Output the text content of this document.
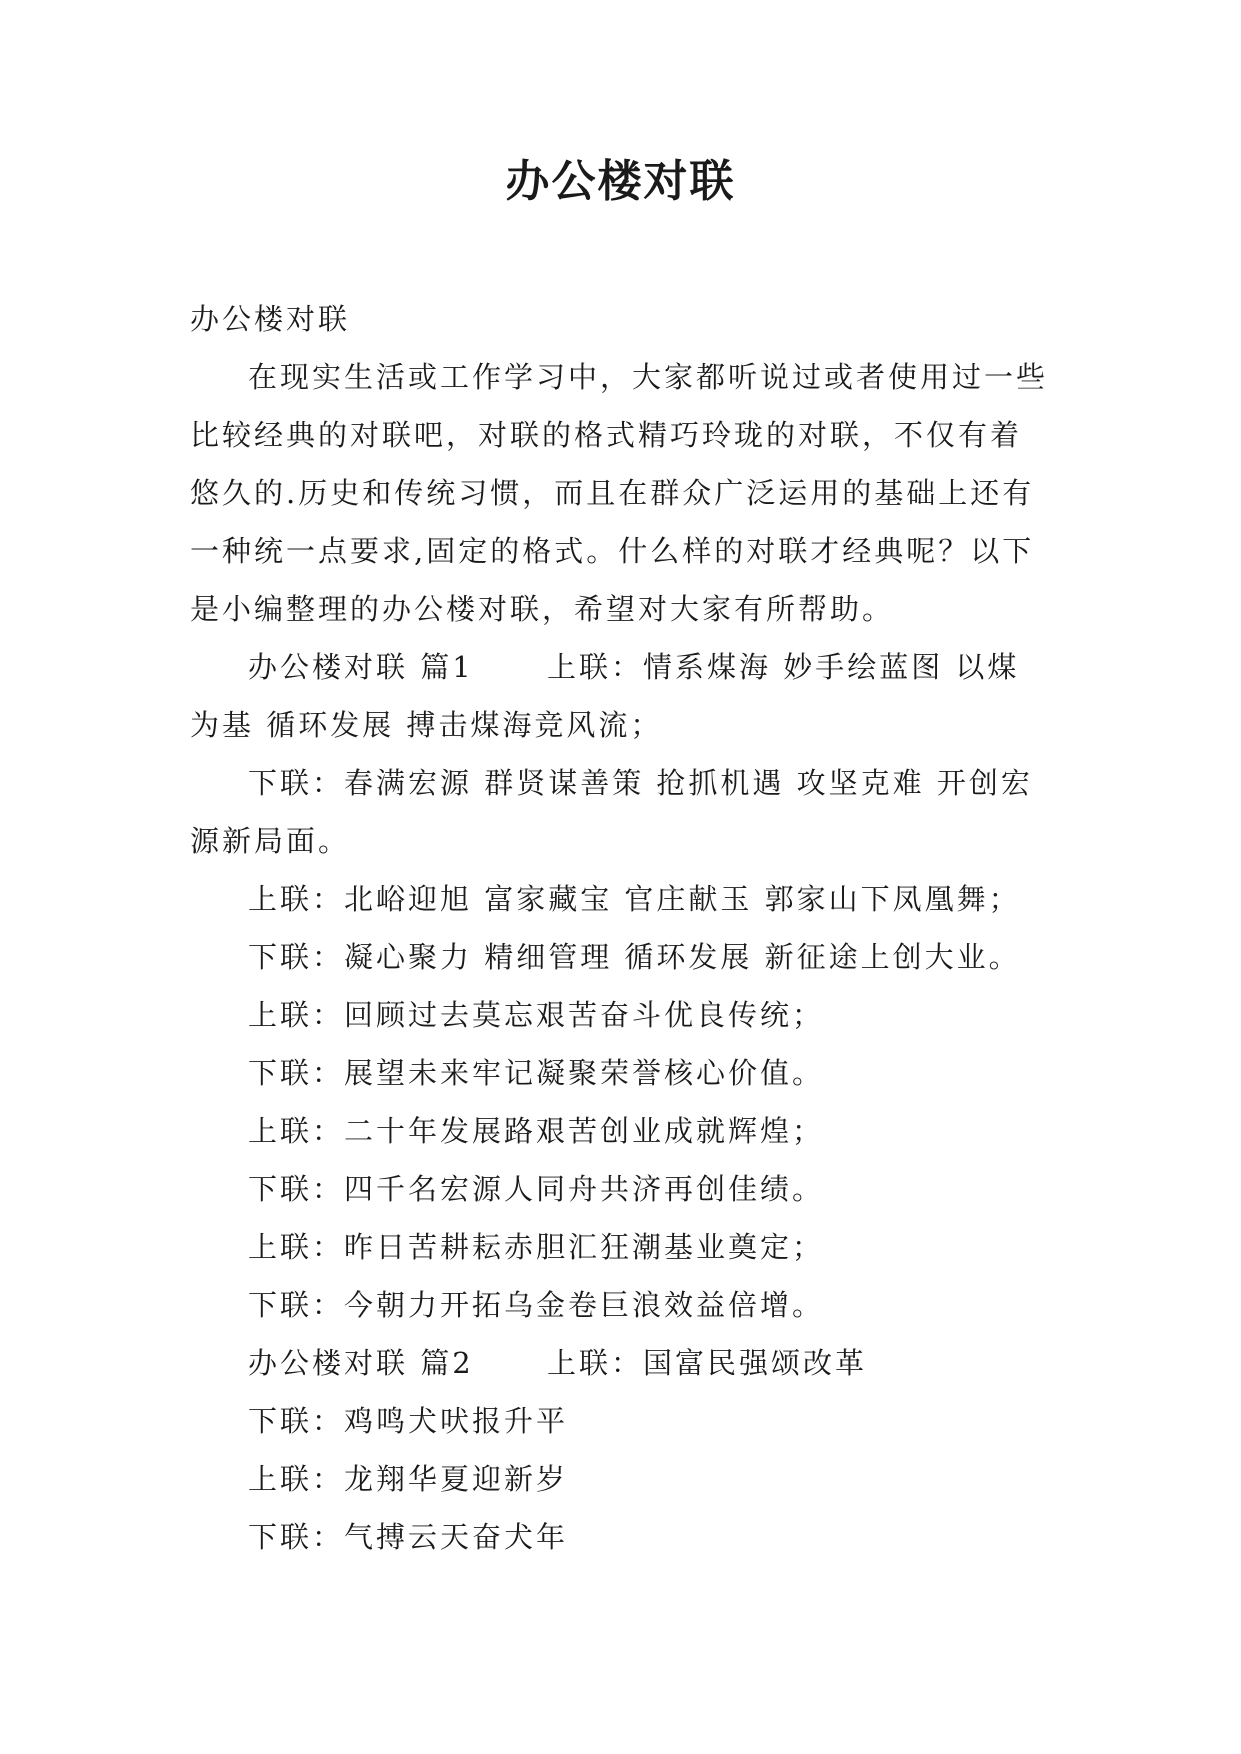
办公楼对联

办公楼对联

在现实生活或工作学习中，大家都听说过或者使用过一些比较经典的对联吧，对联的格式精巧玲珑的对联，不仅有着悠久的.历史和传统习惯，而且在群众广泛运用的基础上还有一种统一点要求,固定的格式。什么样的对联才经典呢？以下是小编整理的办公楼对联，希望对大家有所帮助。

办公楼对联 篇1      上联：情系煤海 妙手绘蓝图 以煤为基 循环发展 搏击煤海竞风流；

下联：春满宏源 群贤谋善策 抢抓机遇 攻坚克难 开创宏源新局面。

上联：北峪迎旭 富家藏宝 官庄献玉 郭家山下凤凰舞；

下联：凝心聚力 精细管理 循环发展 新征途上创大业。

上联：回顾过去莫忘艰苦奋斗优良传统；

下联：展望未来牢记凝聚荣誉核心价值。

上联：二十年发展路艰苦创业成就辉煌；

下联：四千名宏源人同舟共济再创佳绩。

上联：昨日苦耕耘赤胆汇狂潮基业奠定；

下联：今朝力开拓乌金卷巨浪效益倍增。

办公楼对联 篇2      上联：国富民强颂改革

下联：鸡鸣犬吠报升平

上联：龙翔华夏迎新岁

下联：气搏云天奋犬年
